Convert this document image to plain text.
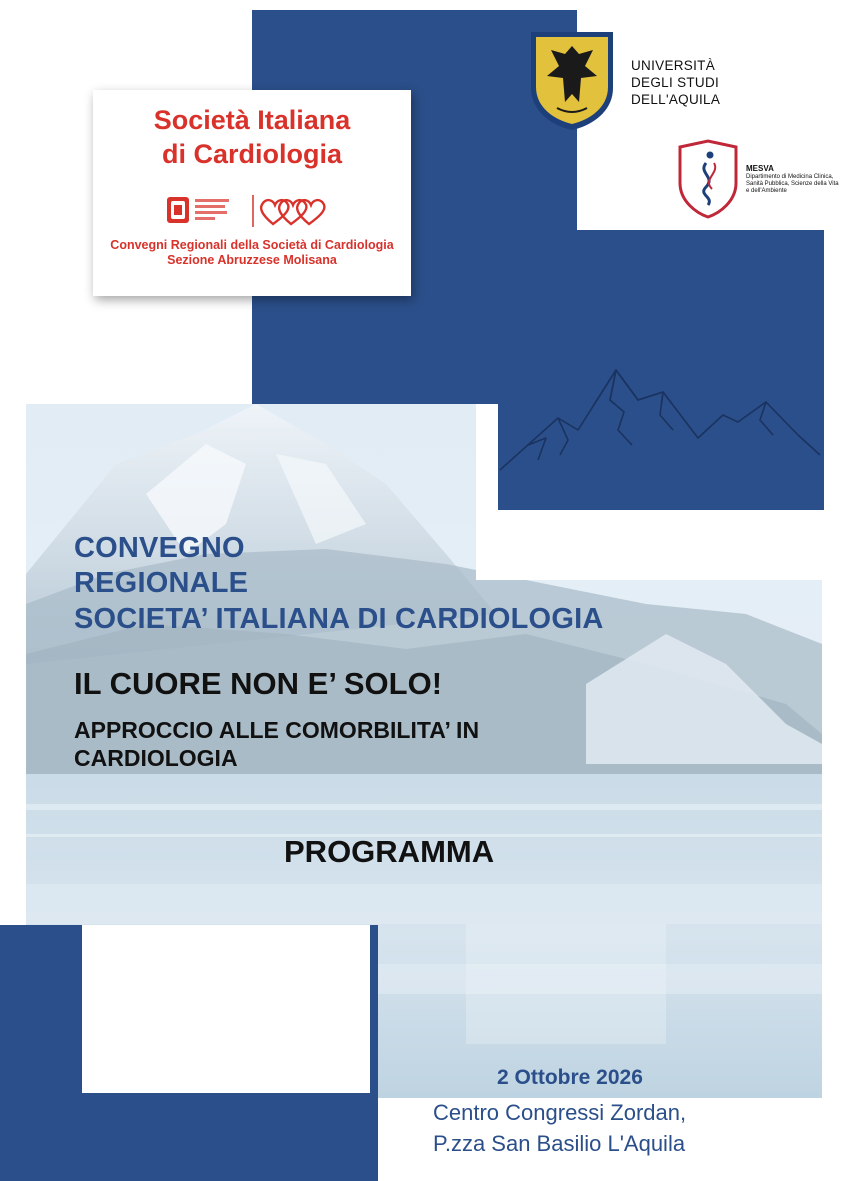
Società Italiana
di Cardiologia
Convegni Regionali della Società di Cardiologia
Sezione Abruzzese Molisana
UNIVERSITÀ
DEGLI STUDI
DELL'AQUILA
MESVA
Dipartimento di Medicina Clinica,
Sanità Pubblica, Scienze della Vita
e dell'Ambiente
CONVEGNO
REGIONALE
SOCIETA’ ITALIANA DI CARDIOLOGIA
IL CUORE NON E’ SOLO!
APPROCCIO ALLE COMORBILITA’ IN
CARDIOLOGIA
PROGRAMMA
2 Ottobre 2026
Centro Congressi Zordan,
P.zza San Basilio L'Aquila
